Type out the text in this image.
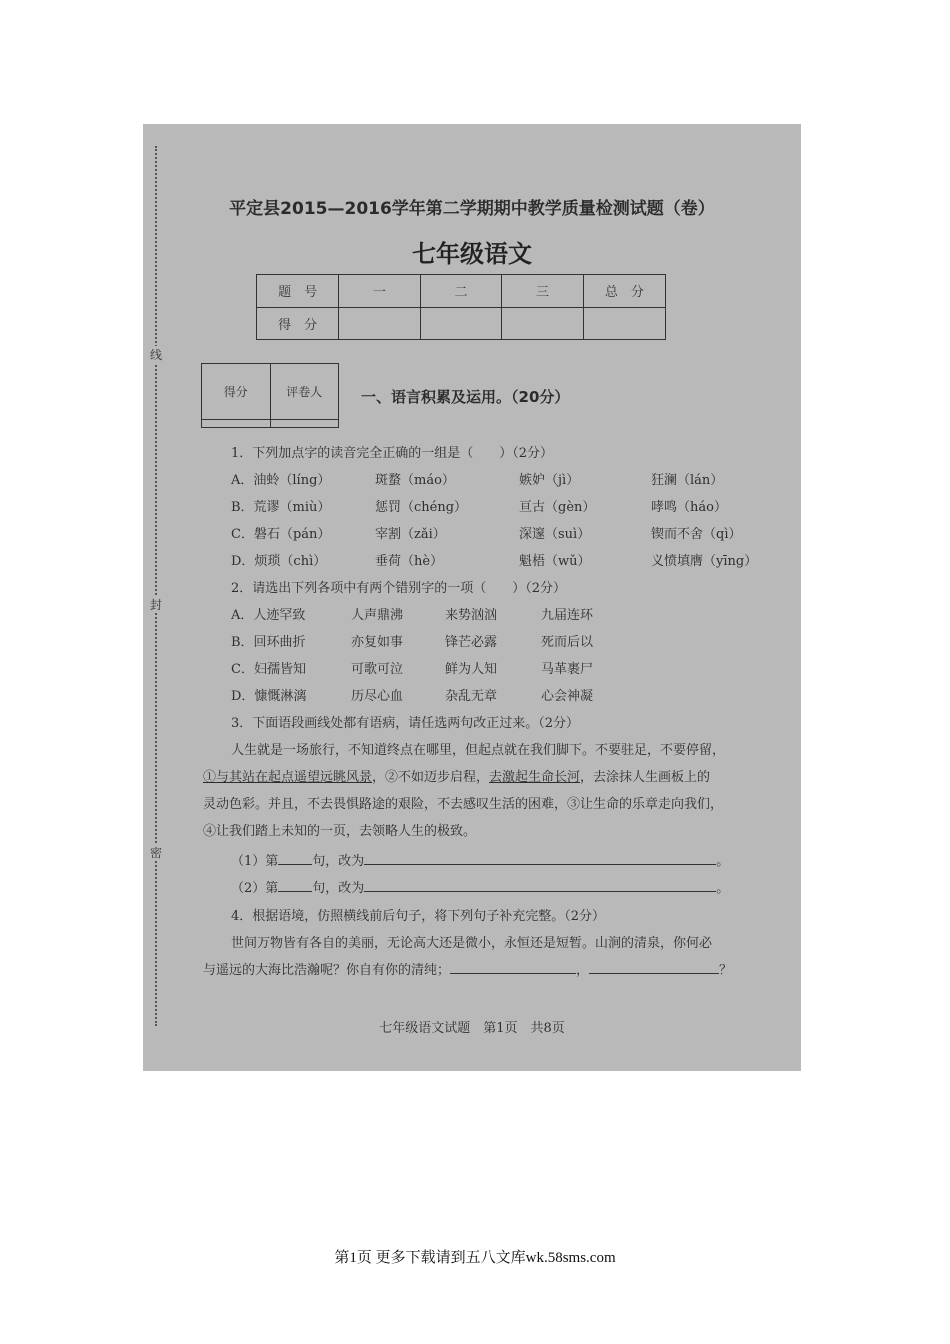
线
封
密
平定县2015—2016学年第二学期期中教学质量检测试题（卷）
七年级语文
题　号	一	二	三	总　分
得　分				
得分	评卷人
		一、语言积累及运用。（20分）
1．下列加点字的读音完全正确的一组是（　　）（2分）
A．油蛉（líng）	斑蝥（máo）	嫉妒（jì）	狂澜（lán）
B．荒谬（miù）	惩罚（chéng）	亘古（gèn）	哮鸣（háo）
C．磐石（pán）	宰割（zǎi）	深邃（suì）	锲而不舍（qì）
D．烦琐（chì）	垂荷（hè）	魁梧（wǔ）	义愤填膺（yīng）
2．请选出下列各项中有两个错别字的一项（　　）（2分）
A．人迹罕致	人声鼎沸	来势汹汹	九届连环
B．回环曲折	亦复如事	锋芒必露	死而后以
C．妇孺皆知	可歌可泣	鲜为人知	马革裹尸
D．慷慨淋漓	历尽心血	杂乱无章	心会神凝
3．下面语段画线处都有语病，请任选两句改正过来。（2分）
人生就是一场旅行，不知道终点在哪里，但起点就在我们脚下。不要驻足，不要停留，
①与其站在起点遥望远眺风景，②不如迈步启程，去激起生命长河，去涂抹人生画板上的
灵动色彩。并且，不去畏惧路途的艰险，不去感叹生活的困难，③让生命的乐章走向我们，
④让我们踏上未知的一页，去领略人生的极致。
（1）第	句，改为	。
（2）第	句，改为	。
4．根据语境，仿照横线前后句子，将下列句子补充完整。（2分）
世间万物皆有各自的美丽，无论高大还是微小，永恒还是短暂。山涧的清泉，你何必
与遥远的大海比浩瀚呢？你自有你的清纯；	，	？
七年级语文试题　第1页　共8页
第1页 更多下载请到五八文库wk.58sms.com
